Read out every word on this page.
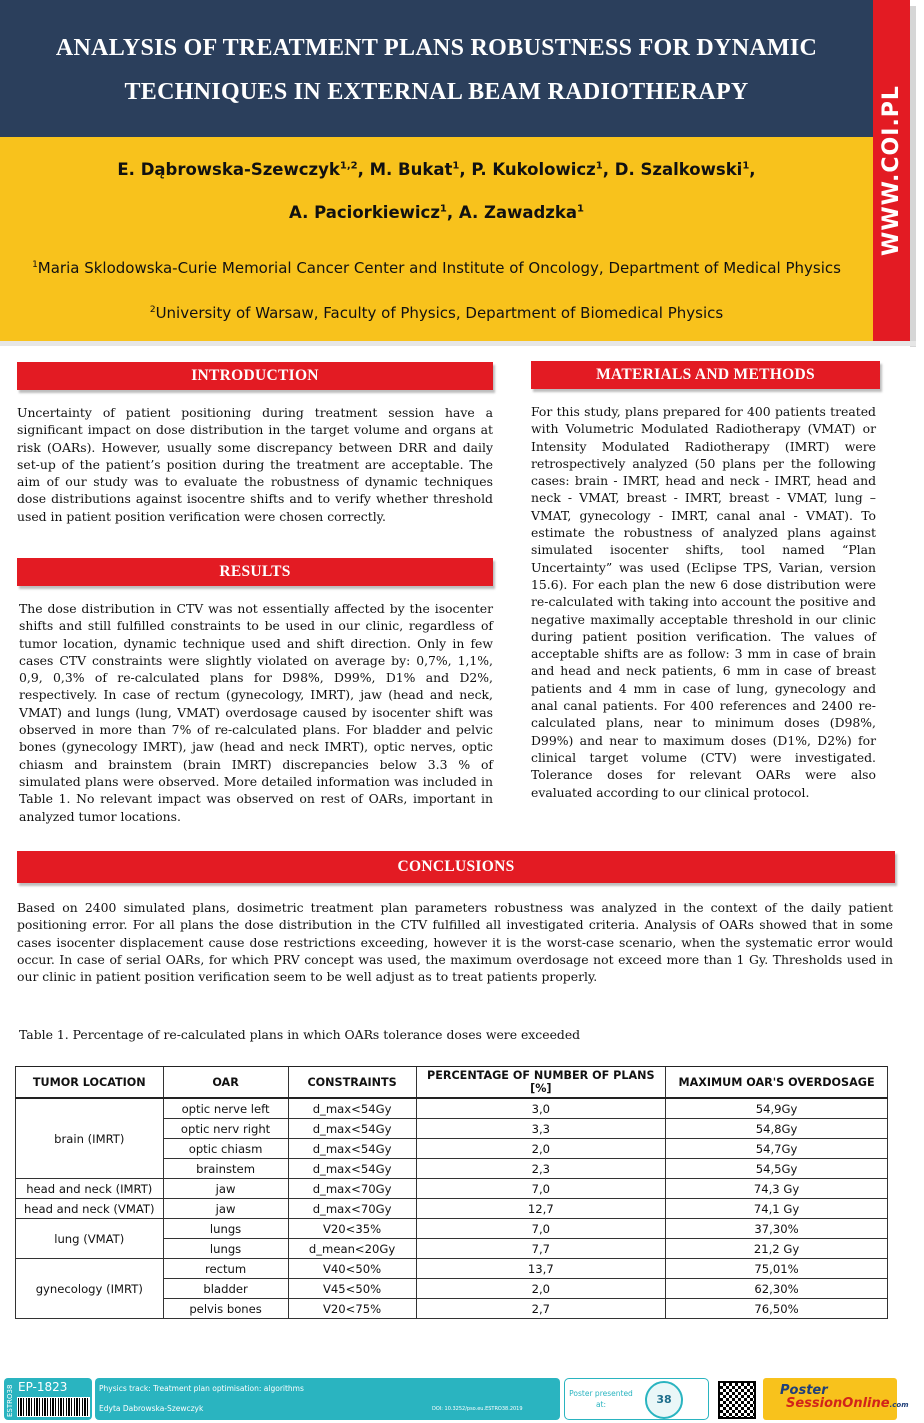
ANALYSIS OF TREATMENT PLANS ROBUSTNESS FOR DYNAMIC
TECHNIQUES IN EXTERNAL BEAM RADIOTHERAPY
E. Dąbrowska-Szewczyk$^{1,2}$, M. Bukat$^1$, P. Kukolowicz$^1$, D. Szalkowski$^1$,
A. Paciorkiewicz$^1$, A. Zawadzka$^1$
$^1$Maria Sklodowska-Curie Memorial Cancer Center and Institute of Oncology, Department of Medical Physics
$^2$University of Warsaw, Faculty of Physics, Department of Biomedical Physics
WWW.COI.PL
INTRODUCTION
Uncertainty of patient positioning during treatment session have a significant impact on dose distribution in the target volume and organs at risk (OARs). However, usually some discrepancy between DRR and daily set-up of the patient’s position during the treatment are acceptable. The aim of our study was to evaluate the robustness of dynamic techniques dose distributions against isocentre shifts and to verify whether threshold used in patient position verification were chosen correctly.
RESULTS
The dose distribution in CTV was not essentially affected by the isocenter shifts and still fulfilled constraints to be used in our clinic, regardless of tumor location, dynamic technique used and shift direction. Only in few cases CTV constraints were slightly violated on average by: 0,7%, 1,1%, 0,9, 0,3% of re-calculated plans for D98%, D99%, D1% and D2%, respectively. In case of rectum (gynecology, IMRT), jaw (head and neck, VMAT) and lungs (lung, VMAT) overdosage caused by isocenter shift was observed in more than 7% of re-calculated plans. For bladder and pelvic bones (gynecology IMRT), jaw (head and neck IMRT), optic nerves, optic chiasm and brainstem (brain IMRT) discrepancies below 3.3 % of simulated plans were observed. More detailed information was included in Table 1. No relevant impact was observed on rest of OARs, important in analyzed tumor locations.
MATERIALS AND METHODS
For this study, plans prepared for 400 patients treated with Volumetric Modulated Radiotherapy (VMAT) or Intensity Modulated Radiotherapy (IMRT) were retrospectively analyzed (50 plans per the following cases: brain - IMRT, head and neck - IMRT, head and neck - VMAT, breast - IMRT, breast - VMAT, lung – VMAT, gynecology - IMRT, canal anal - VMAT). To estimate the robustness of analyzed plans against simulated isocenter shifts, tool named “Plan Uncertainty” was used (Eclipse TPS, Varian, version 15.6). For each plan the new 6 dose distribution were re-calculated with taking into account the positive and negative maximally acceptable threshold in our clinic during patient position verification. The values of acceptable shifts are as follow: 3 mm in case of brain and head and neck patients, 6 mm in case of breast patients and 4 mm in case of lung, gynecology and anal canal patients. For 400 references and 2400 re-calculated plans, near to minimum doses (D98%, D99%) and near to maximum doses (D1%, D2%) for clinical target volume (CTV) were investigated. Tolerance doses for relevant OARs were also evaluated according to our clinical protocol.
CONCLUSIONS
Based on 2400 simulated plans, dosimetric treatment plan parameters robustness was analyzed in the context of the daily patient positioning error. For all plans the dose distribution in the CTV fulfilled all investigated criteria. Analysis of OARs showed that in some cases isocenter displacement cause dose restrictions exceeding, however it is the worst-case scenario, when the systematic error would occur. In case of serial OARs, for which PRV concept was used, the maximum overdosage not exceed more than 1 Gy. Thresholds used in our clinic in patient position verification seem to be well adjust as to treat patients properly.
Table 1. Percentage of re-calculated plans in which OARs tolerance doses were exceeded
TUMOR LOCATION	OAR	CONSTRAINTS	PERCENTAGE OF NUMBER OF PLANS [%]	MAXIMUM OAR'S OVERDOSAGE
brain (IMRT)	optic nerve left	d_max<54Gy	3,0	54,9Gy
	optic nerv right	d_max<54Gy	3,3	54,8Gy
	optic chiasm	d_max<54Gy	2,0	54,7Gy
	brainstem	d_max<54Gy	2,3	54,5Gy
head and neck (IMRT)	jaw	d_max<70Gy	7,0	74,3 Gy
head and neck (VMAT)	jaw	d_max<70Gy	12,7	74,1 Gy
lung (VMAT)	lungs	V20<35%	7,0	37,30%
	lungs	d_mean<20Gy	7,7	21,2 Gy
gynecology (IMRT)	rectum	V40<50%	13,7	75,01%
	bladder	V45<50%	2,0	62,30%
	pelvis bones	V20<75%	2,7	76,50%
ESTRO38 EP-1823	Physics track: Treatment plan optimisation: algorithms
Edyta Dabrowska-Szewczyk	DOI: 10.3252/pso.eu.ESTRO38.2019
Poster presented at:	38
Poster
SessionOnline.com
